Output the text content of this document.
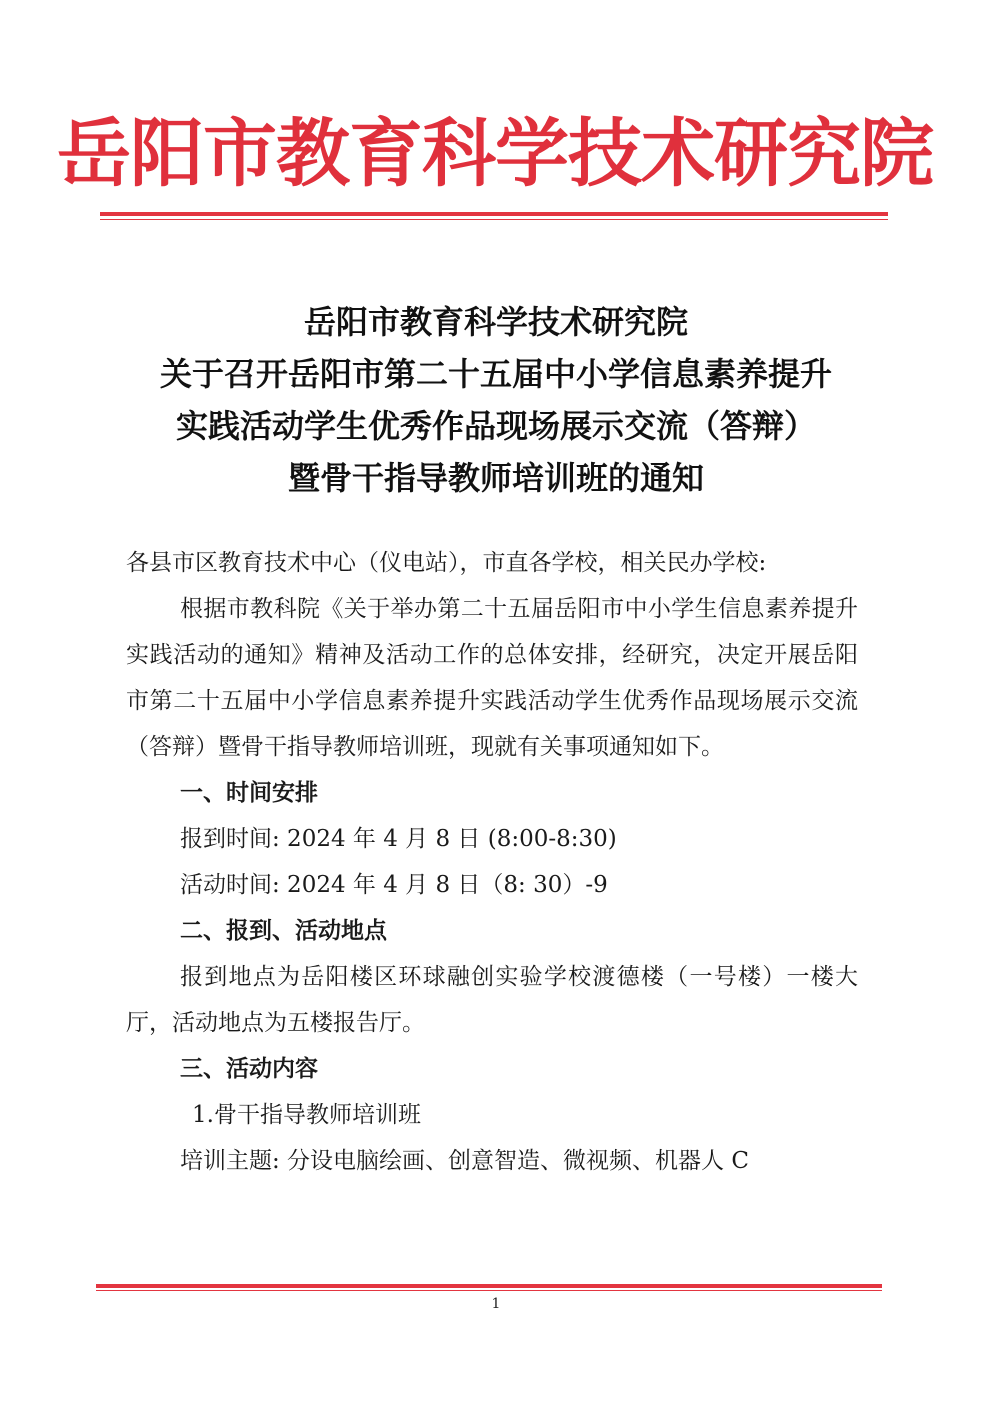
岳阳市教育科学技术研究院
岳阳市教育科学技术研究院
关于召开岳阳市第二十五届中小学信息素养提升
实践活动学生优秀作品现场展示交流（答辩）
暨骨干指导教师培训班的通知
各县市区教育技术中心（仪电站），市直各学校，相关民办学校:
根据市教科院《关于举办第二十五届岳阳市中小学生信息素养提升实践活动的通知》精神及活动工作的总体安排，经研究，决定开展岳阳市第二十五届中小学信息素养提升实践活动学生优秀作品现场展示交流（答辩）暨骨干指导教师培训班，现就有关事项通知如下。
一、时间安排
报到时间: 2024 年 4 月 8 日 (8:00-8:30)
活动时间: 2024 年 4 月 8 日（8: 30）-9
二、报到、活动地点
报到地点为岳阳楼区环球融创实验学校渡德楼（一号楼）一楼大厅，活动地点为五楼报告厅。
三、活动内容
1.骨干指导教师培训班
培训主题: 分设电脑绘画、创意智造、微视频、机器人 C
1
